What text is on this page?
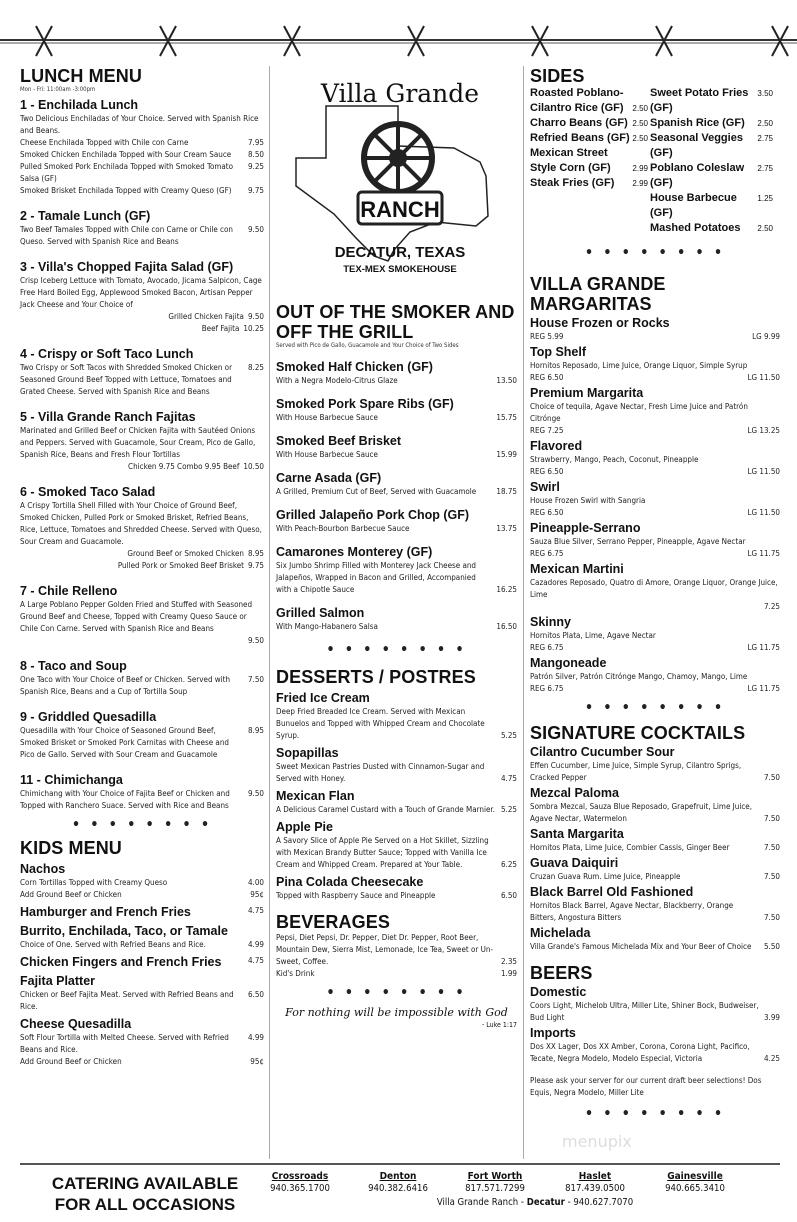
LUNCH MENU
Mon - Fri: 11:00am -3:00pm
1 - Enchilada Lunch
Two Delicious Enchiladas of Your Choice. Served with Spanish Rice and Beans.
Cheese Enchilada Topped with Chile con Carne	7.95
Smoked Chicken Enchilada Topped with Sour Cream Sauce	8.50
Pulled Smoked Pork Enchilada Topped with Smoked Tomato Salsa (GF)
9.25
Smoked Brisket Enchilada Topped with Creamy Queso (GF)	9.75
2 - Tamale Lunch (GF)
Two Beef Tamales Topped with Chile con Carne or Chile con Queso. Served with Spanish Rice and Beans
9.50
3 - Villa's Chopped Fajita Salad (GF)
Crisp Iceberg Lettuce with Tomato, Avocado, Jicama Salpicon, Cage Free Hard Boiled Egg, Applewood Smoked Bacon, Artisan Pepper Jack Cheese and Your Choice of
Grilled Chicken Fajita 9.50
Beef Fajita 10.25
4 - Crispy or Soft Taco Lunch
Two Crispy or Soft Tacos with Shredded Smoked Chicken or Seasoned Ground Beef Topped with Lettuce, Tomatoes and Grated Cheese. Served with Spanish Rice and Beans
8.25
5 - Villa Grande Ranch Fajitas
Marinated and Grilled Beef or Chicken Fajita with Sautéed Onions and Peppers. Served with Guacamole, Sour Cream, Pico de Gallo, Spanish Rice, Beans and Fresh Flour Tortillas
Chicken 9.75 Combo 9.95 Beef 10.50
6 - Smoked Taco Salad
A Crispy Tortilla Shell Filled with Your Choice of Ground Beef, Smoked Chicken, Pulled Pork or Smoked Brisket, Refried Beans, Rice, Lettuce, Tomatoes and Shredded Cheese. Served with Queso, Sour Cream and Guacamole.
Ground Beef or Smoked Chicken 8.95
Pulled Pork or Smoked Beef Brisket 9.75
7 - Chile Relleno
A Large Poblano Pepper Golden Fried and Stuffed with Seasoned Ground Beef and Cheese, Topped with Creamy Queso Sauce or Chile Con Carne. Served with Spanish Rice and Beans
9.50
8 - Taco and Soup
One Taco with Your Choice of Beef or Chicken. Served with Spanish Rice, Beans and a Cup of Tortilla Soup
7.50
9 - Griddled Quesadilla
Quesadilla with Your Choice of Seasoned Ground Beef, Smoked Brisket or Smoked Pork Carnitas with Cheese and Pico de Gallo. Served with Sour Cream and Guacamole
8.95
11 - Chimichanga
Chimichang with Your Choice of Fajita Beef or Chicken and Topped with Ranchero Suace. Served with Rice and Beans
9.50
• • • • • • • •
KIDS MENU
Nachos
Corn Tortillas Topped with Creamy Queso	4.00
Add Ground Beef or Chicken	95¢
Hamburger and French Fries	4.75
Burrito, Enchilada, Taco, or Tamale
Choice of One. Served with Refried Beans and Rice.	4.99
Chicken Fingers and French Fries	4.75
Fajita Platter
Chicken or Beef Fajita Meat. Served with Refried Beans and Rice.
6.50
Cheese Quesadilla
Soft Flour Tortilla with Melted Cheese. Served with Refried Beans and Rice.
4.99
Add Ground Beef or Chicken	95¢
Villa Grande
RANCH
DECATUR, TEXAS
TEX-MEX SMOKEHOUSE
OUT OF THE SMOKER AND OFF THE GRILL
Served with Pico de Gallo, Guacamole and Your Choice of Two Sides
Smoked Half Chicken (GF)
With a Negra Modelo-Citrus Glaze	13.50
Smoked Pork Spare Ribs (GF)
With House Barbecue Sauce	15.75
Smoked Beef Brisket
With House Barbecue Sauce	15.99
Carne Asada (GF)
A Grilled, Premium Cut of Beef, Served with Guacamole	18.75
Grilled Jalapeño Pork Chop (GF)
With Peach-Bourbon Barbecue Sauce	13.75
Camarones Monterey (GF)
Six Jumbo Shrimp Filled with Monterey Jack Cheese and Jalapeños, Wrapped in Bacon and Grilled, Accompanied with a Chipotle Sauce	16.25
Grilled Salmon
With Mango-Habanero Salsa	16.50
• • • • • • • •
DESSERTS / POSTRES
Fried Ice Cream
Deep Fried Breaded Ice Cream. Served with Mexican Bunuelos and Topped with Whipped Cream and Chocolate Syrup.	5.25
Sopapillas
Sweet Mexican Pastries Dusted with Cinnamon-Sugar and Served with Honey.	4.75
Mexican Flan
A Delicious Caramel Custard with a Touch of Grande Marnier. 5.25
Apple Pie
A Savory Slice of Apple Pie Served on a Hot Skillet, Sizzling with Mexican Brandy Butter Sauce; Topped with Vanilla Ice Cream and Whipped Cream. Prepared at Your Table.	6.25
Pina Colada Cheesecake
Topped with Raspberry Sauce and Pineapple	6.50
BEVERAGES
Pepsi, Diet Pepsi, Dr. Pepper, Diet Dr. Pepper, Root Beer, Mountain Dew, Sierra Mist, Lemonade, Ice Tea, Sweet or Un-Sweet, Coffee.	2.35
Kid's Drink	1.99
• • • • • • • •
For nothing will be impossible with God
- Luke 1:17
SIDES
Roasted Poblano-
Cilantro Rice (GF) 2.50
Charro Beans (GF) 2.50
Refried Beans (GF) 2.50
Mexican Street
Style Corn (GF)	2.99
Steak Fries (GF) 2.99
Sweet Potato Fries (GF)
3.50
Spanish Rice (GF) 2.50
Seasonal Veggies (GF)
2.75
Poblano Coleslaw (GF)
2.75
House Barbecue (GF)
1.25
Mashed Potatoes 2.50
• • • • • • • •
VILLA GRANDE MARGARITAS
House Frozen or Rocks
REG 5.99	LG 9.99
Top Shelf
Hornitos Reposado, Lime Juice, Orange Liquor, Simple Syrup
REG 6.50	LG 11.50
Premium Margarita
Choice of tequila, Agave Nectar, Fresh Lime Juice and Patrón Citrónge
REG 7.25	LG 13.25
Flavored
Strawberry, Mango, Peach, Coconut, Pineapple
REG 6.50	LG 11.50
Swirl
House Frozen Swirl with Sangria
REG 6.50	LG 11.50
Pineapple-Serrano
Sauza Blue Silver, Serrano Pepper, Pineapple, Agave Nectar
REG 6.75	LG 11.75
Mexican Martini
Cazadores Reposado, Quatro di Amore, Orange Liquor, Orange Juice, Lime
7.25
Skinny
Hornitos Plata, Lime, Agave Nectar
REG 6.75	LG 11.75
Mangoneade
Patrón Silver, Patrón Citrónge Mango, Chamoy, Mango, Lime
REG 6.75	LG 11.75
• • • • • • • •
SIGNATURE COCKTAILS
Cilantro Cucumber Sour
Effen Cucumber, Lime Juice, Simple Syrup, Cilantro Sprigs, Cracked Pepper	7.50
Mezcal Paloma
Sombra Mezcal, Sauza Blue Reposado, Grapefruit, Lime Juice, Agave Nectar, Watermelon	7.50
Santa Margarita
Hornitos Plata, Lime Juice, Combier Cassis, Ginger Beer	7.50
Guava Daiquiri
Cruzan Guava Rum. Lime Juice, Pineapple	7.50
Black Barrel Old Fashioned
Hornitos Black Barrel, Agave Nectar, Blackberry, Orange Bitters, Angostura Bitters	7.50
Michelada
Villa Grande's Famous Michelada Mix and Your Beer of Choice	5.50
BEERS
Domestic
Coors Light, Michelob Ultra, Miller Lite, Shiner Bock, Budweiser, Bud Light	3.99
Imports
Dos XX Lager, Dos XX Amber, Corona, Corona Light, Pacifico, Tecate, Negra Modelo, Modelo Especial, Victoria	4.25
Please ask your server for our current draft beer selections! Dos Equis, Negra Modelo, Miller Lite
• • • • • • • •
menupix
CATERING AVAILABLE FOR ALL OCCASIONS
Crossroads
940.365.1700
Denton
940.382.6416
Fort Worth
817.571.7299
Haslet
817.439.0500
Gainesville
940.665.3410
Villa Grande Ranch - Decatur - 940.627.7070
